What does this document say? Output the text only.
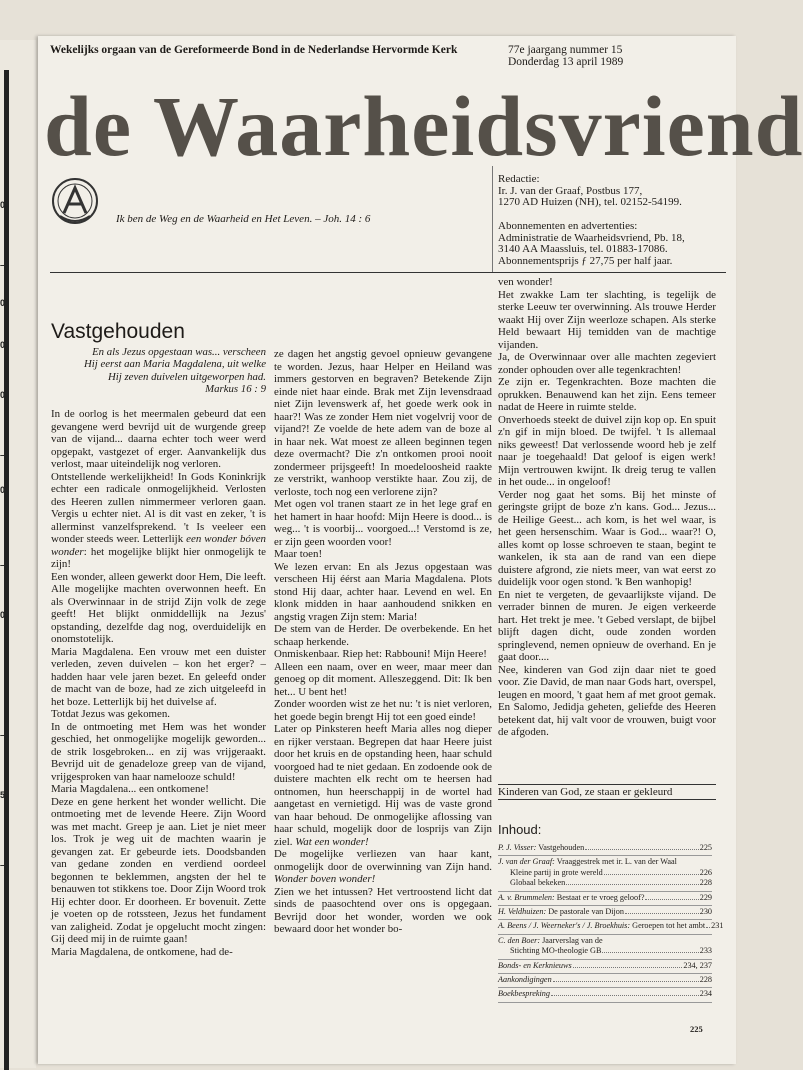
0
–
0
0
0
–
0
–
0
–
5
–
Wekelijks orgaan van de Gereformeerde Bond in de Nederlandse Hervormde Kerk	77e jaargang nummer 15
Donderdag 13 april 1989
de Waarheidsvriend
Ik ben de Weg en de Waarheid en Het Leven. – Joh. 14 : 6
Redactie:
Ir. J. van der Graaf, Postbus 177,
1270 AD Huizen (NH), tel. 02152-54199.
Abonnementen en advertenties:
Administratie de Waarheidsvriend, Pb. 18,
3140 AA Maassluis, tel. 01883-17086.
Abonnementsprijs ƒ 27,75 per half jaar.
Vastgehouden
En als Jezus opgestaan was... verscheen Hij eerst aan Maria Magdalena, uit welke Hij zeven duivelen uitgeworpen had.
Markus 16 : 9

In de oorlog is het meermalen gebeurd dat een gevangene werd bevrijd uit de wurgende greep van de vijand... daarna echter toch weer werd opgepakt, vastgezet of erger. Aanvankelijk dus verlost, maar uiteindelijk nog verloren.

Ontstellende werkelijkheid! In Gods Koninkrijk echter een radicale onmogelijkheid. Verlosten des Heeren zullen nimmermeer verloren gaan. Vergis u echter niet. Al is dit vast en zeker, 't is allerminst vanzelfsprekend. 't Is veeleer een wonder steeds weer. Letterlijk een wonder bóven wonder: het mogelijke blijkt hier onmogelijk te zijn!

Een wonder, alleen gewerkt door Hem, Die leeft. Alle mogelijke machten overwonnen heeft. En als Overwinnaar in de strijd Zijn volk de zege geeft! Het blijkt onmiddellijk na Jezus' opstanding, dezelfde dag nog, overduidelijk en onomstotelijk.

Maria Magdalena. Een vrouw met een duister verleden, zeven duivelen – kon het erger? – hadden haar vele jaren bezet. En geleefd onder de macht van de boze, had ze zich uitgeleefd in het boze. Letterlijk bij het duivelse af.

Totdat Jezus was gekomen.

In de ontmoeting met Hem was het wonder geschied, het onmogelijke mogelijk geworden... de strik losgebroken... en zij was vrijgeraakt. Bevrijd uit de genadeloze greep van de vijand, vrijgesproken van haar namelooze schuld!

Maria Magdalena... een ontkomene!

Deze en gene herkent het wonder wellicht. Die ontmoeting met de levende Heere. Zijn Woord was met macht. Greep je aan. Liet je niet meer los. Trok je weg uit de machten waarin je gevangen zat. Er gebeurde iets. Doodsbanden van gedane zonden en verdiend oordeel begonnen te beklemmen, angsten der hel te benauwen tot stikkens toe. Door Zijn Woord trok Hij echter door. Er doorheen. Er bovenuit. Zette je voeten op de rotssteen, Jezus het fundament van zaligheid. Zodat je opgelucht mocht zingen: Gij deed mij in de ruimte gaan!

Maria Magdalena, de ontkomene, had de-

ze dagen het angstig gevoel opnieuw gevangene te worden. Jezus, haar Helper en Heiland was immers gestorven en begraven? Betekende Zijn einde niet haar einde. Brak met Zijn levensdraad niet Zijn levenswerk af, het goede werk ook in haar?! Was ze zonder Hem niet vogelvrij voor de vijand?! Ze voelde de hete adem van de boze al in haar nek. Wat moest ze alleen beginnen tegen deze overmacht? Die z'n ontkomen prooi nooit zondermeer prijsgeeft! In moedeloosheid raakte ze verstrikt, wanhoop verstikte haar. Zou zij, de verloste, toch nog een verlorene zijn?

Met ogen vol tranen staart ze in het lege graf en het hamert in haar hoofd: Mijn Heere is dood... is weg... 't is voorbij... voorgoed...! Verstomd is ze, er zijn geen woorden voor!

Maar toen!

We lezen ervan: En als Jezus opgestaan was verscheen Hij éérst aan Maria Magdalena. Plots stond Hij daar, achter haar. Levend en wel. En klonk midden in haar aanhoudend snikken en angstig vragen Zijn stem: Maria!

De stem van de Herder. De overbekende. En het schaap herkende.

Onmiskenbaar. Riep het: Rabbouni! Mijn Heere!

Alleen een naam, over en weer, maar meer dan genoeg op dit moment. Alleszeggend. Dit: Ik ben het... U bent het!

Zonder woorden wist ze het nu: 't is niet verloren, het goede begin brengt Hij tot een goed einde!

Later op Pinksteren heeft Maria alles nog dieper en rijker verstaan. Begrepen dat haar Heere juist door het kruis en de opstanding heen, haar schuld voorgoed had te niet gedaan. En zodoende ook de duistere machten elk recht om te heersen had ontnomen, hun heerschappij in de wortel had aangetast en vernietigd. Hij was de vaste grond van haar behoud. De onmogelijke aflossing van haar schuld, mogelijk door de losprijs van Zijn ziel. Wat een wonder!

De mogelijke verliezen van haar kant, onmogelijk door de overwinning van Zijn hand. Wonder boven wonder!

Zien we het intussen? Het vertroostend licht dat sinds de paasochtend over ons is opgegaan. Bevrijd door het wonder, worden we ook bewaard door het wonder bo-

ven wonder!

Het zwakke Lam ter slachting, is tegelijk de sterke Leeuw ter overwinning. Als trouwe Herder waakt Hij over Zijn weerloze schapen. Als sterke Held bewaart Hij temidden van de machtige vijanden.

Ja, de Overwinnaar over alle machten zegeviert zonder ophouden over alle tegenkrachten!

Ze zijn er. Tegenkrachten. Boze machten die oprukken. Benauwend kan het zijn. Eens temeer nadat de Heere in ruimte stelde.

Onverhoeds steekt de duivel zijn kop op. En spuit z'n gif in mijn bloed. De twijfel. 't Is allemaal niks geweest! Dat verlossende woord heb je zelf naar je toegehaald! Dat geloof is eigen werk! Mijn vertrouwen kwijnt. Ik dreig terug te vallen in het oude... in ongeloof!

Verder nog gaat het soms. Bij het minste of geringste grijpt de boze z'n kans. God... Jezus... de Heilige Geest... ach kom, is het wel waar, is het geen hersenschim. Waar is God... waar?! O, alles komt op losse schroeven te staan, begint te wankelen, ik sta aan de rand van een diepe duistere afgrond, zie niets meer, van wat eerst zo duidelijk voor ogen stond. 'k Ben wanhopig!

En niet te vergeten, de gevaarlijkste vijand. De verrader binnen de muren. Je eigen verkeerde hart. Het trekt je mee. 't Gebed verslapt, de bijbel blijft dagen dicht, oude zonden worden springlevend, nemen opnieuw de overhand. En je gaat door....

Nee, kinderen van God zijn daar niet te goed voor. Zie David, de man naar Gods hart, overspel, leugen en moord, 't gaat hem af met groot gemak. En Salomo, Jedidja geheten, geliefde des Heeren betekent dat, hij valt voor de vrouwen, buigt voor de afgoden.

Kinderen van God, ze staan er gekleurd
Inhoud:
P. J. Visser: Vastgehouden	225
J. van der Graaf: Vraaggestrek met ir. L. van der Waal
Kleine partij in grote wereld	226
Globaal bekeken	228
A. v. Brummelen: Bestaat er te vroeg geloof?	229
H. Veldhuizen: De pastorale van Dijon	230
A. Beens / J. Weerneker's / J. Broekhuis: Geroepen tot het ambt 231
C. den Boer: Jaarverslag van de
Stichting MO-theologie GB	233
Bonds- en Kerknieuws	234, 237
Aankondigingen	228
Boekbespreking	234
225
